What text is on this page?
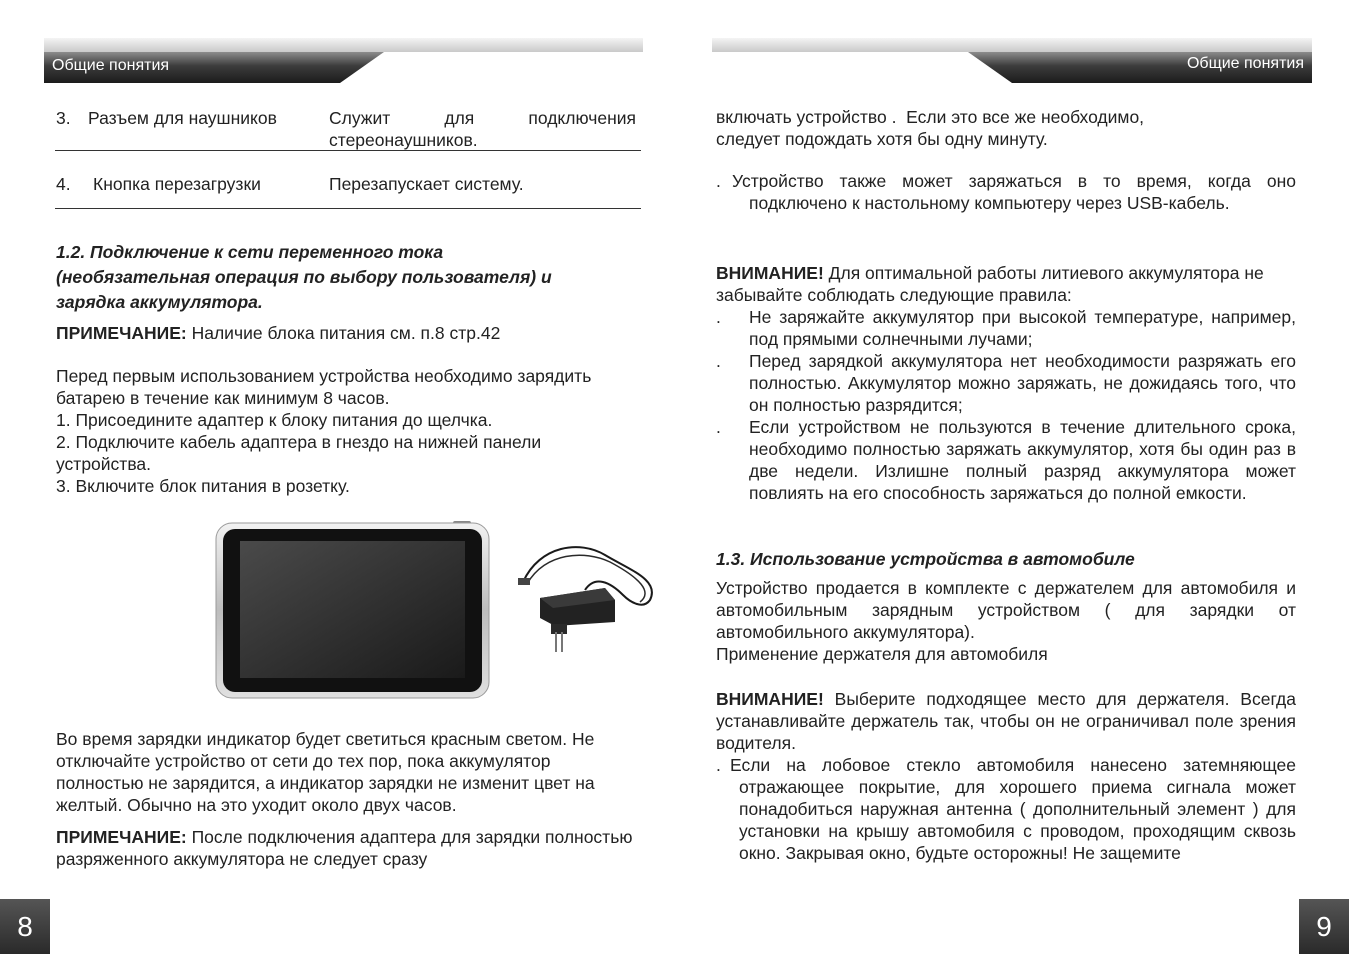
Общие понятия	Общие понятия
3. Разъем для наушников	Служит для подключения стереонаушников.
4. Кнопка перезагрузки	Перезапускает систему.
1.2. Подключение к сети переменного тока
(необязательная операция по выбору пользователя) и
зарядка аккумулятора.
ПРИМЕЧАНИЕ: Наличие блока питания см. п.8 стр.42
Перед первым использованием устройства необходимо зарядить батарею в течение как минимум 8 часов.
1. Присоедините адаптер к блоку питания до щелчка.
2. Подключите кабель адаптера в гнездо на нижней панели устройства.
3. Включите блок питания в розетку.
Во время зарядки индикатор будет светиться красным светом. Не отключайте устройство от сети до тех пор, пока аккумулятор полностью не зарядится, а индикатор зарядки не изменит цвет на желтый. Обычно на это уходит около двух часов.
ПРИМЕЧАНИЕ: После подключения адаптера для зарядки полностью разряженного аккумулятора не следует сразу
включать устройство .  Если это все же необходимо,
следует подождать хотя бы одну минуту.
. Устройство также может заряжаться в то время, когда оно подключено к настольному компьютеру через USB-кабель.
ВНИМАНИЕ! Для оптимальной работы литиевого аккумулятора не забывайте соблюдать следующие правила:
.	Не заряжайте аккумулятор при высокой температуре, например, под прямыми солнечными лучами;
.	Перед зарядкой аккумулятора нет необходимости разряжать его полностью. Аккумулятор можно заряжать, не дожидаясь того, что он полностью разрядится;
.	Если устройством не пользуются в течение длительного срока, необходимо полностью заряжать аккумулятор, хотя бы один раз в две недели. Излишне полный разряд аккумулятора может повлиять на его способность заряжаться до полной емкости.
1.3. Использование устройства в автомобиле
Устройство продается в комплекте с держателем для автомобиля и автомобильным зарядным устройством ( для зарядки от автомобильного аккумулятора).
Применение держателя для автомобиля
ВНИМАНИЕ! Выберите подходящее место для держателя. Всегда устанавливайте держатель так, чтобы он не ограничивал поле зрения водителя.
. Если на лобовое стекло автомобиля нанесено затемняющее отражающее покрытие, для хорошего приема сигнала может понадобиться наружная антенна ( дополнительный элемент ) для установки на крышу автомобиля с проводом, проходящим сквозь окно. Закрывая окно, будьте осторожны! Не защемите
8	9
